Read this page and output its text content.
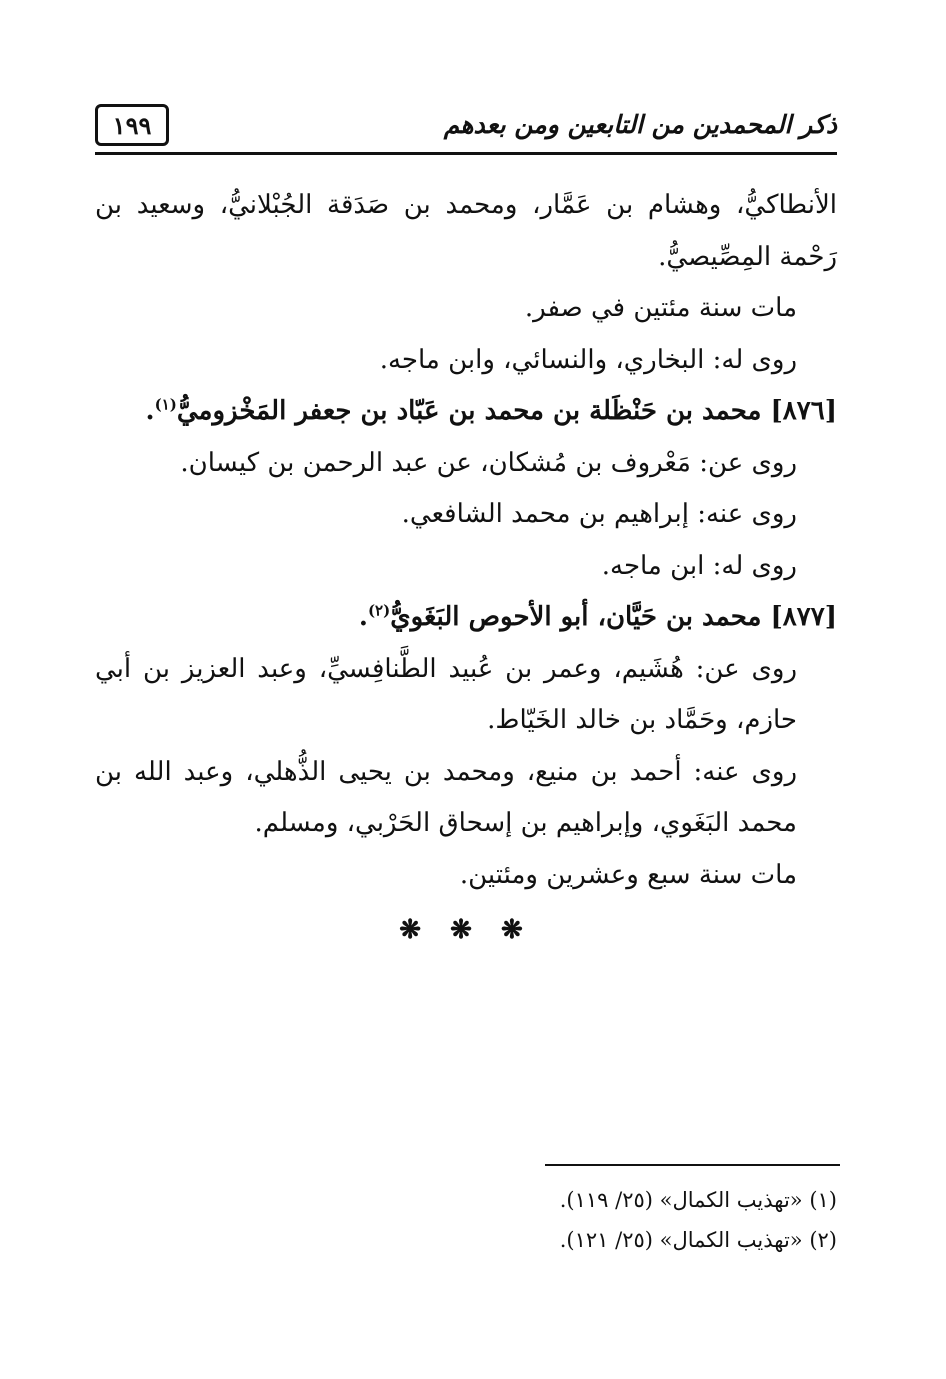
١٩٩	ذكر المحمدين من التابعين ومن بعدهم

الأنطاكيُّ، وهشام بن عَمَّار، ومحمد بن صَدَقة الجُبْلانيُّ، وسعيد بن رَحْمة المِصِّيصيُّ.

مات سنة مئتين في صفر.

روى له: البخاري، والنسائي، وابن ماجه.

[٨٧٦] محمد بن حَنْظَلة بن محمد بن عَبّاد بن جعفر المَخْزوميُّ$^{(١)}$.

روى عن: مَعْروف بن مُشكان، عن عبد الرحمن بن كيسان.

روى عنه: إبراهيم بن محمد الشافعي.

روى له: ابن ماجه.

[٨٧٧] محمد بن حَيَّان، أبو الأحوص البَغَويُّ$^{(٢)}$.

روى عن: هُشَيم، وعمر بن عُبيد الطَّنافِسيِّ، وعبد العزيز بن أبي حازم، وحَمَّاد بن خالد الخَيّاط.

روى عنه: أحمد بن منيع، ومحمد بن يحيى الذُّهلي، وعبد الله بن محمد البَغَوي، وإبراهيم بن إسحاق الحَرْبي، ومسلم.

مات سنة سبع وعشرين ومئتين.

❋ ❋ ❋

(١) «تهذيب الكمال» (٢٥/ ١١٩).

(٢) «تهذيب الكمال» (٢٥/ ١٢١).
